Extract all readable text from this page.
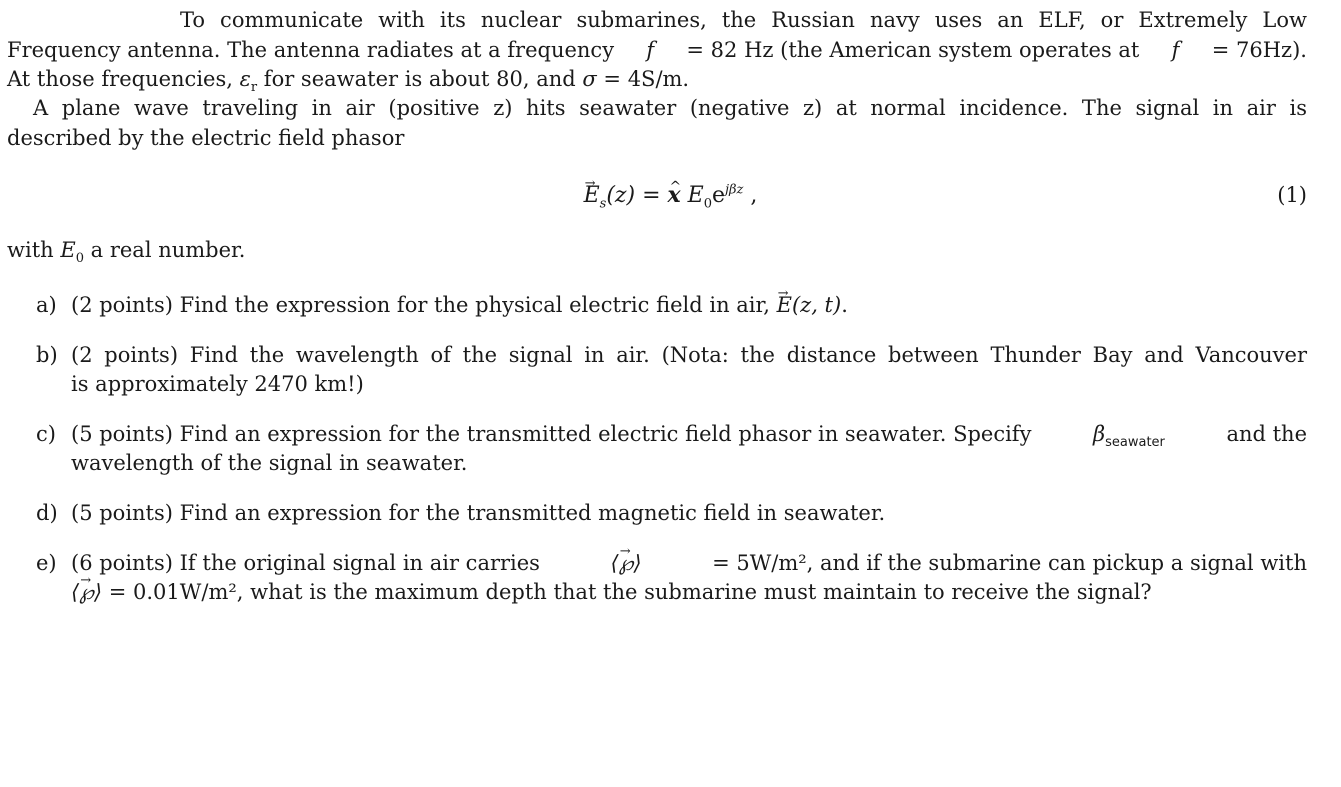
To communicate with its nuclear submarines, the Russian navy uses an ELF, or Extremely Low
Frequency antenna. The antenna radiates at a frequency f = 82 Hz (the American system operates at f = 76Hz).
At those frequencies, $\varepsilon_r$ for seawater is about 80, and σ = 4S/m.
A plane wave traveling in air (positive z) hits seawater (negative z) at normal incidence. The signal in air is
described by the electric field phasor
$E \to_s(z) = x$ ^ $E_0e^{j\beta z}$ ,	(1)
with $E_0$ a real number.
a) (2 points) Find the expression for the physical electric field in air, E →(z, t).
b) (2 points) Find the wavelength of the signal in air. (Nota: the distance between Thunder Bay and Vancouver
is approximately 2470 km!)
c) (5 points) Find an expression for the transmitted electric field phasor in seawater. Specify	$\beta_{seawater}$	and the
wavelength of the signal in seawater.
d) (5 points) Find an expression for the transmitted magnetic field in seawater.
e) (6 points) If the original signal in air carries	⟨℘ →⟩	= 5W/m², and if the submarine can pickup a signal with
⟨℘ →⟩ = 0.01W/m², what is the maximum depth that the submarine must maintain to receive the signal?
